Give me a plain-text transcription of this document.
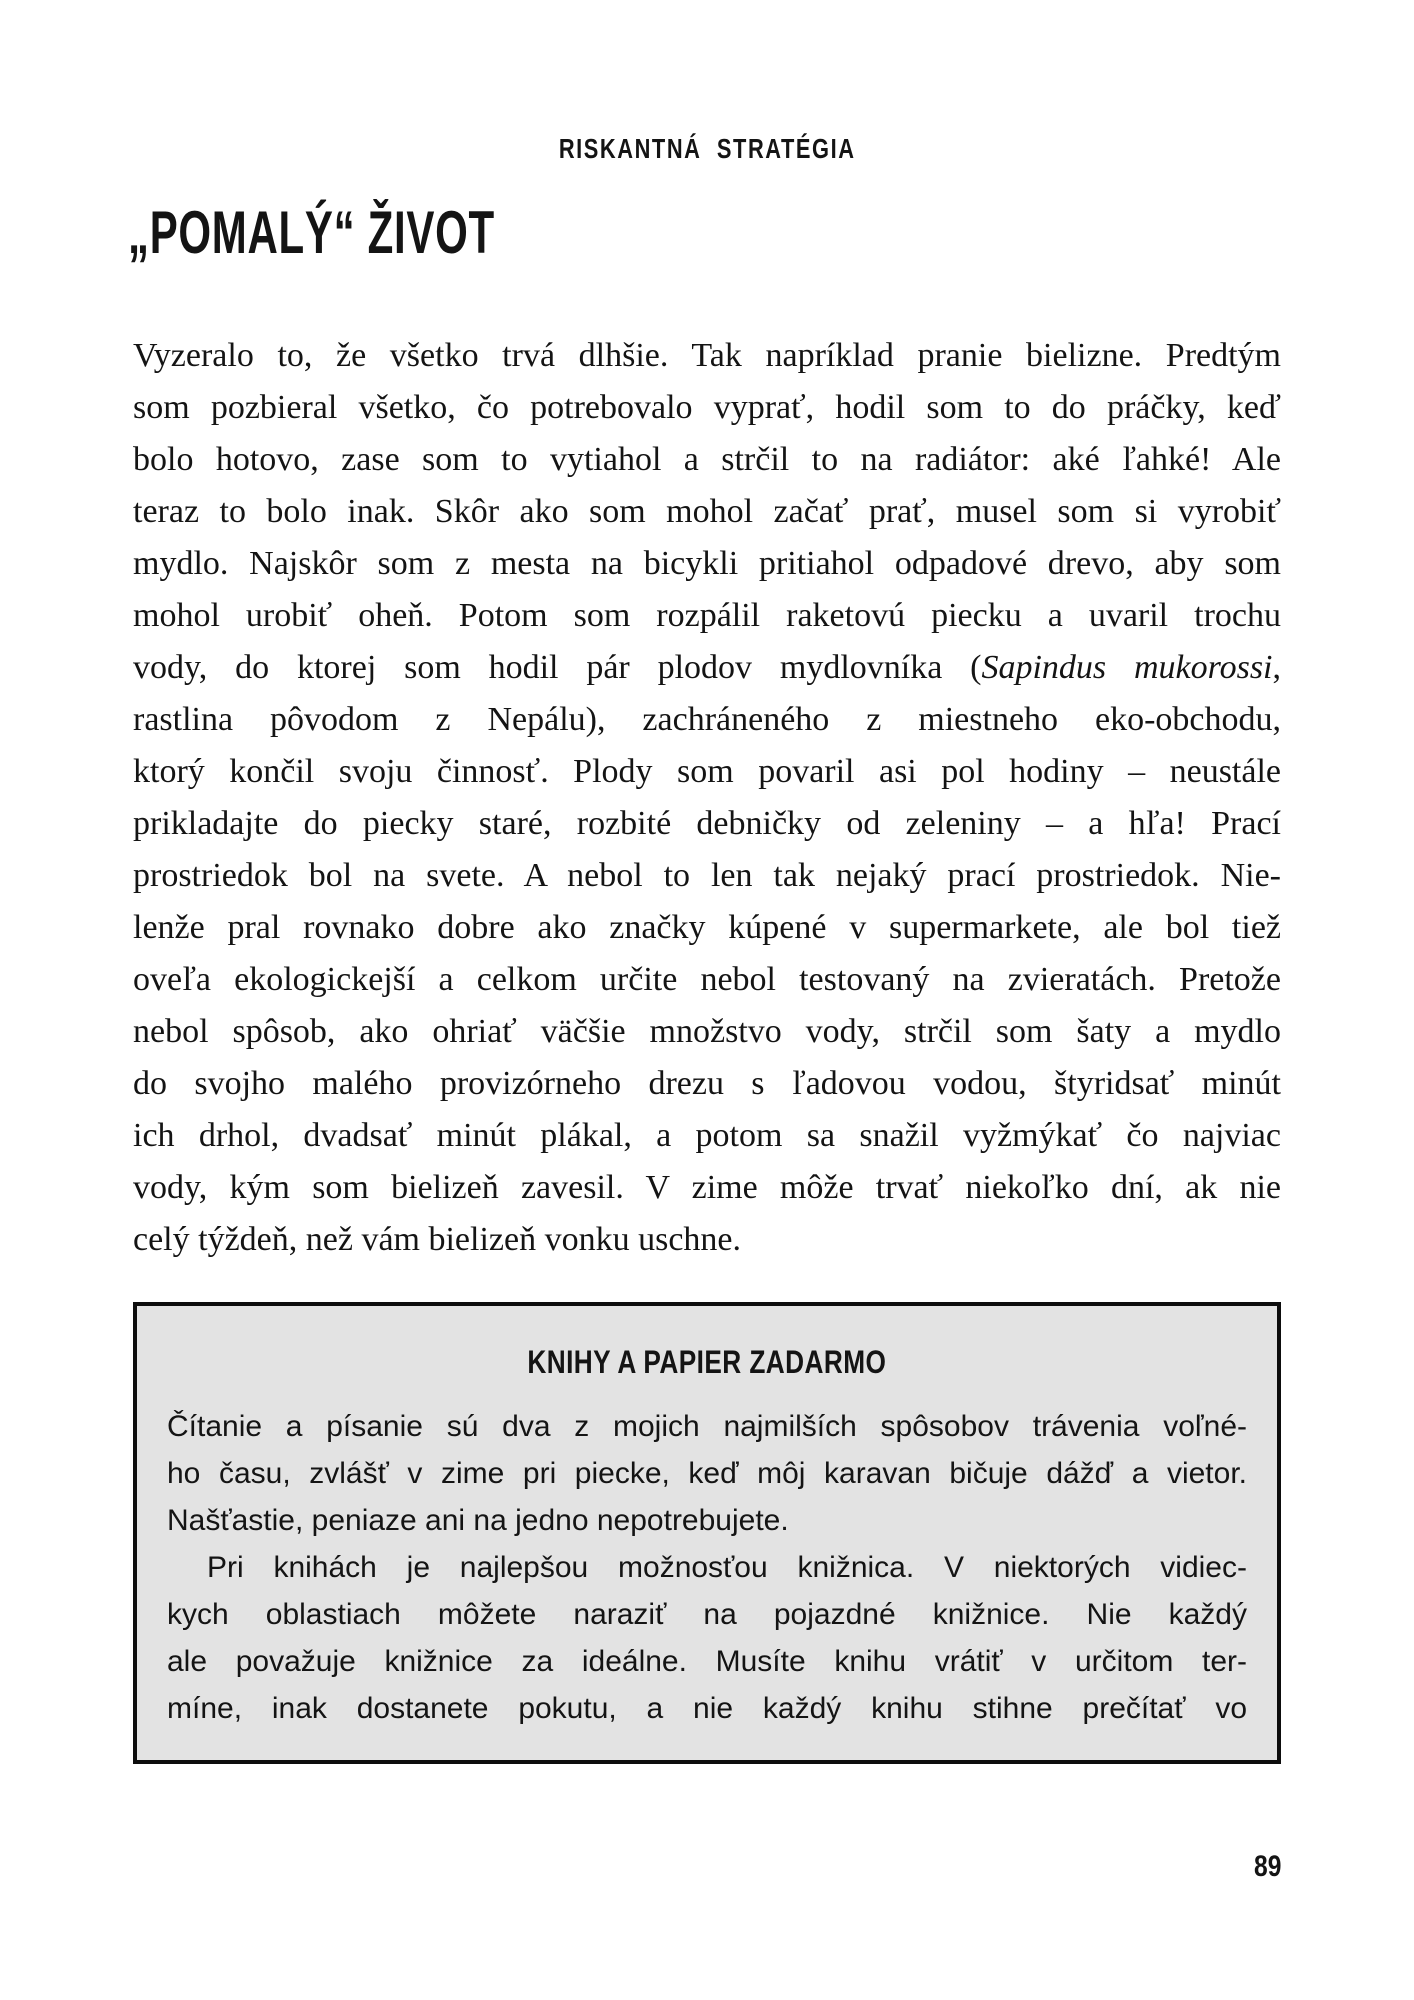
RISKANTNÁ STRATÉGIA
„POMALÝ“ ŽIVOT
Vyzeralo to, že všetko trvá dlhšie. Tak napríklad pranie bielizne. Predtým
som pozbieral všetko, čo potrebovalo vyprať, hodil som to do práčky, keď
bolo hotovo, zase som to vytiahol a strčil to na radiátor: aké ľahké! Ale
teraz to bolo inak. Skôr ako som mohol začať prať, musel som si vyrobiť
mydlo. Najskôr som z mesta na bicykli pritiahol odpadové drevo, aby som
mohol urobiť oheň. Potom som rozpálil raketovú piecku a uvaril trochu
vody, do ktorej som hodil pár plodov mydlovníka (Sapindus mukorossi,
rastlina pôvodom z Nepálu), zachráneného z miestneho eko-obchodu,
ktorý končil svoju činnosť. Plody som povaril asi pol hodiny – neustále
prikladajte do piecky staré, rozbité debničky od zeleniny – a hľa! Prací
prostriedok bol na svete. A nebol to len tak nejaký prací prostriedok. Nie-
lenže pral rovnako dobre ako značky kúpené v supermarkete, ale bol tiež
oveľa ekologickejší a celkom určite nebol testovaný na zvieratách. Pretože
nebol spôsob, ako ohriať väčšie množstvo vody, strčil som šaty a mydlo
do svojho malého provizórneho drezu s ľadovou vodou, štyridsať minút
ich drhol, dvadsať minút plákal, a potom sa snažil vyžmýkať čo najviac
vody, kým som bielizeň zavesil. V zime môže trvať niekoľko dní, ak nie
celý týždeň, než vám bielizeň vonku uschne.
KNIHY A PAPIER ZADARMO
Čítanie a písanie sú dva z mojich najmilších spôsobov trávenia voľné-
ho času, zvlášť v zime pri piecke, keď môj karavan bičuje dážď a vietor.
Našťastie, peniaze ani na jedno nepotrebujete.
Pri knihách je najlepšou možnosťou knižnica. V niektorých vidiec-
kych oblastiach môžete naraziť na pojazdné knižnice. Nie každý
ale považuje knižnice za ideálne. Musíte knihu vrátiť v určitom ter-
míne, inak dostanete pokutu, a nie každý knihu stihne prečítať vo
89
